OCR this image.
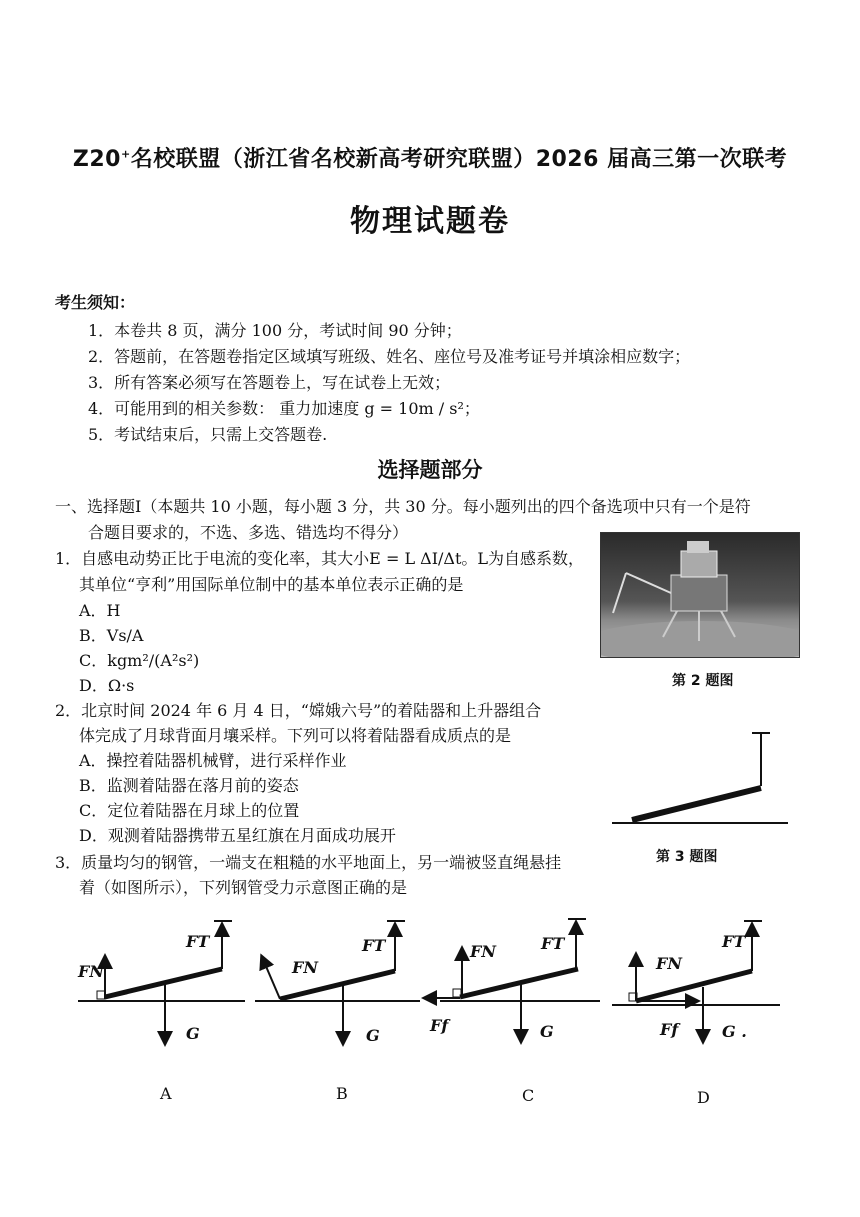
Z20+名校联盟（浙江省名校新高考研究联盟）2026 届高三第一次联考
物理试题卷
考生须知：
1．本卷共 8 页，满分 100 分，考试时间 90 分钟；
2．答题前，在答题卷指定区域填写班级、姓名、座位号及准考证号并填涂相应数字；
3．所有答案必须写在答题卷上，写在试卷上无效；
4．可能用到的相关参数： 重力加速度 g = 10m / s²；
5．考试结束后，只需上交答题卷.
选择题部分
一、选择题Ⅰ（本题共 10 小题，每小题 3 分，共 30 分。每小题列出的四个备选项中只有一个是符
合题目要求的，不选、多选、错选均不得分）
1．自感电动势正比于电流的变化率，其大小E = L ΔI/Δt。L为自感系数，
其单位“亨利”用国际单位制中的基本单位表示正确的是
A．H
B．Vs/A
C．kgm²/(A²s²)
D．Ω·s	第 2 题图
2．北京时间 2024 年 6 月 4 日，“嫦娥六号”的着陆器和上升器组合
体完成了月球背面月壤采样。下列可以将着陆器看成质点的是
A．操控着陆器机械臂，进行采样作业
B．监测着陆器在落月前的姿态
C．定位着陆器在月球上的位置
D．观测着陆器携带五星红旗在月面成功展开
第 3 题图
3．质量均匀的钢管，一端支在粗糙的水平地面上，另一端被竖直绳悬挂
着（如图所示），下列钢管受力示意图正确的是
FN
FT
G
A
FN
FT
G
B
FN	FT
Ff	G
C
FN
FT
Ff	G .
D
